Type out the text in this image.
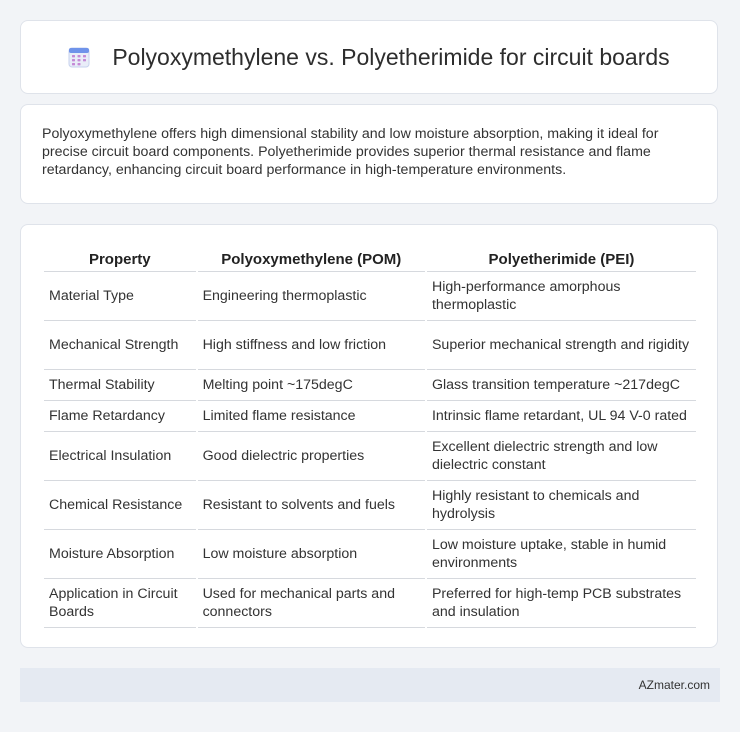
Polyoxymethylene vs. Polyetherimide for circuit boards

Polyoxymethylene offers high dimensional stability and low moisture absorption, making it ideal for precise circuit board components. Polyetherimide provides superior thermal resistance and flame retardancy, enhancing circuit board performance in high-temperature environments.

Property	Polyoxymethylene (POM)	Polyetherimide (PEI)
Material Type	Engineering thermoplastic	High-performance amorphous thermoplastic
Mechanical Strength	High stiffness and low friction	Superior mechanical strength and rigidity
Thermal Stability	Melting point ~175degC	Glass transition temperature ~217degC
Flame Retardancy	Limited flame resistance	Intrinsic flame retardant, UL 94 V-0 rated
Electrical Insulation	Good dielectric properties	Excellent dielectric strength and low dielectric constant
Chemical Resistance	Resistant to solvents and fuels	Highly resistant to chemicals and hydrolysis
Moisture Absorption	Low moisture absorption	Low moisture uptake, stable in humid environments
Application in Circuit Boards	Used for mechanical parts and connectors	Preferred for high-temp PCB substrates and insulation
AZmater.com
